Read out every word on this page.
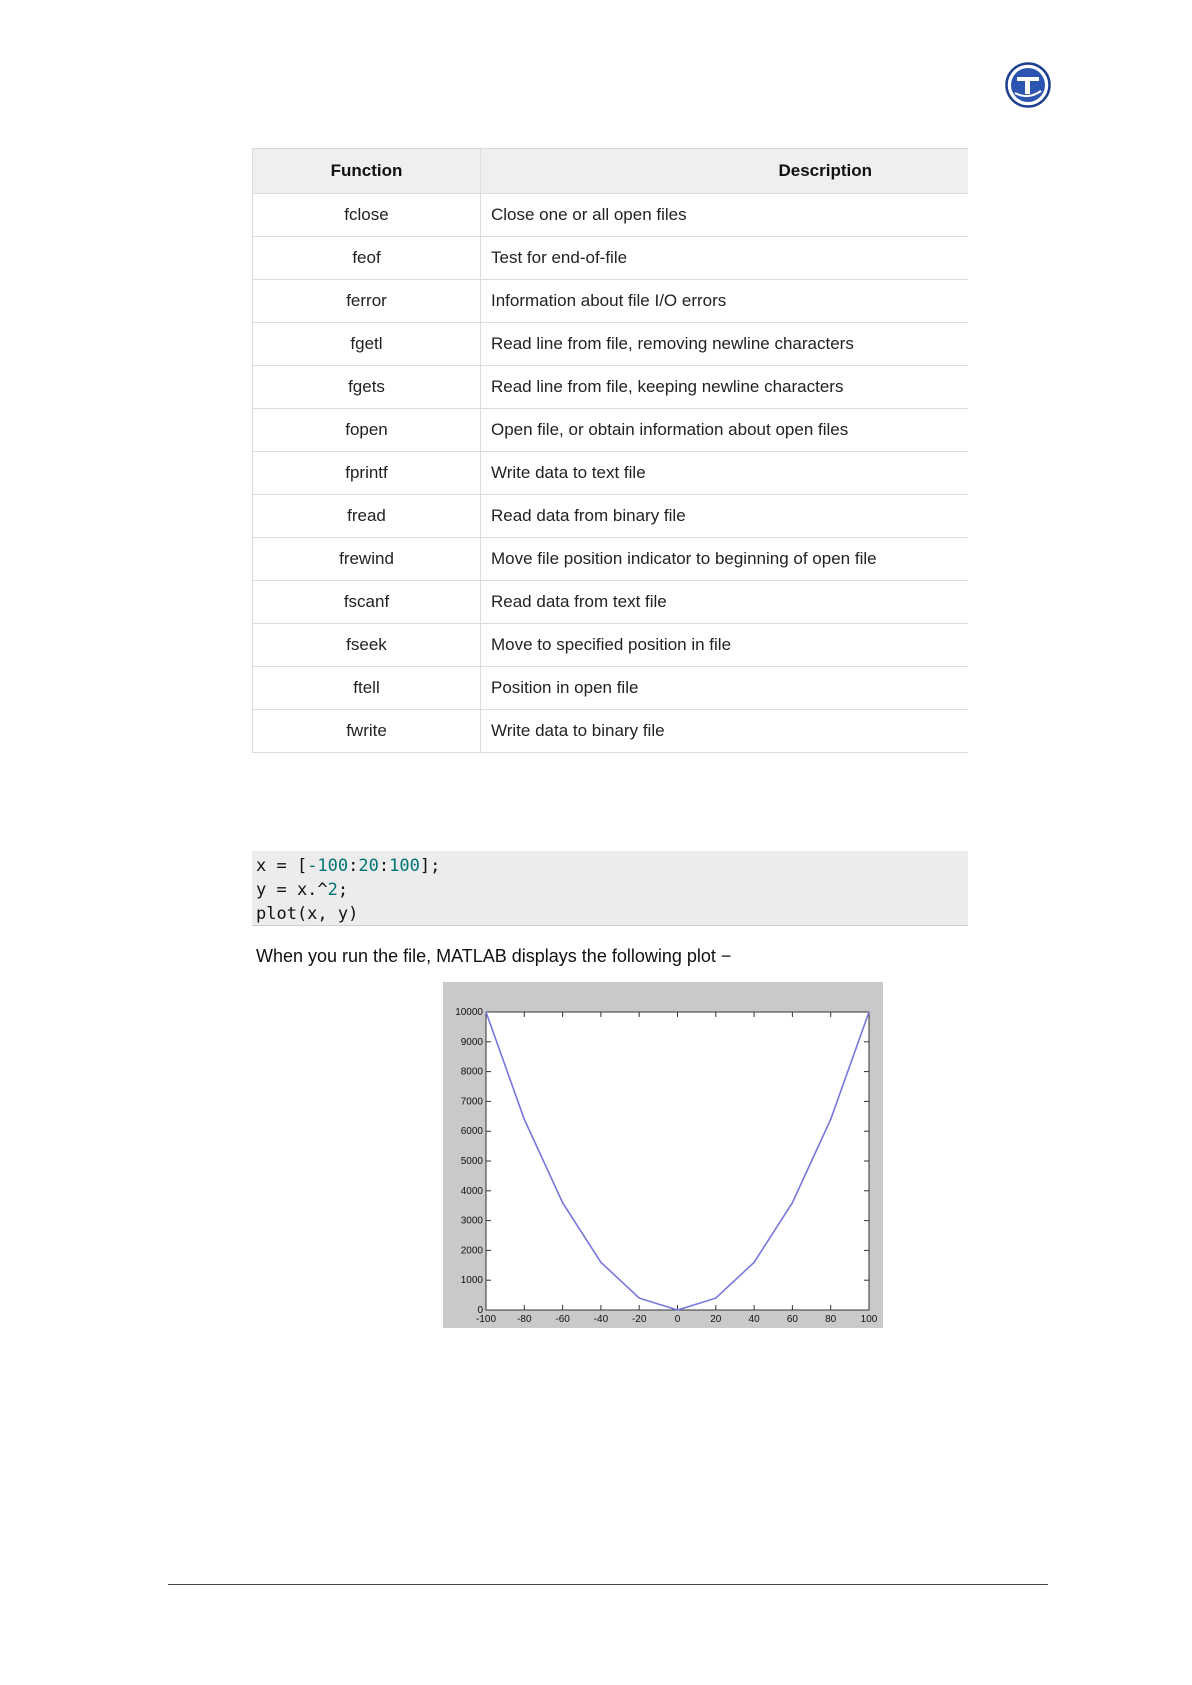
Function	Description
fclose	Close one or all open files
feof	Test for end-of-file
ferror	Information about file I/O errors
fgetl	Read line from file, removing newline characters
fgets	Read line from file, keeping newline characters
fopen	Open file, or obtain information about open files
fprintf	Write data to text file
fread	Read data from binary file
frewind	Move file position indicator to beginning of open file
fscanf	Read data from text file
fseek	Move to specified position in file
ftell	Position in open file
fwrite	Write data to binary file
x = [-100:20:100];
y = x.^2;
plot(x, y)
When you run the file, MATLAB displays the following plot −
-100 -80 -60 -40 -20	0	20	40	60	80 100
0
1000
2000
3000
4000
5000
6000
7000
8000
9000
10000
